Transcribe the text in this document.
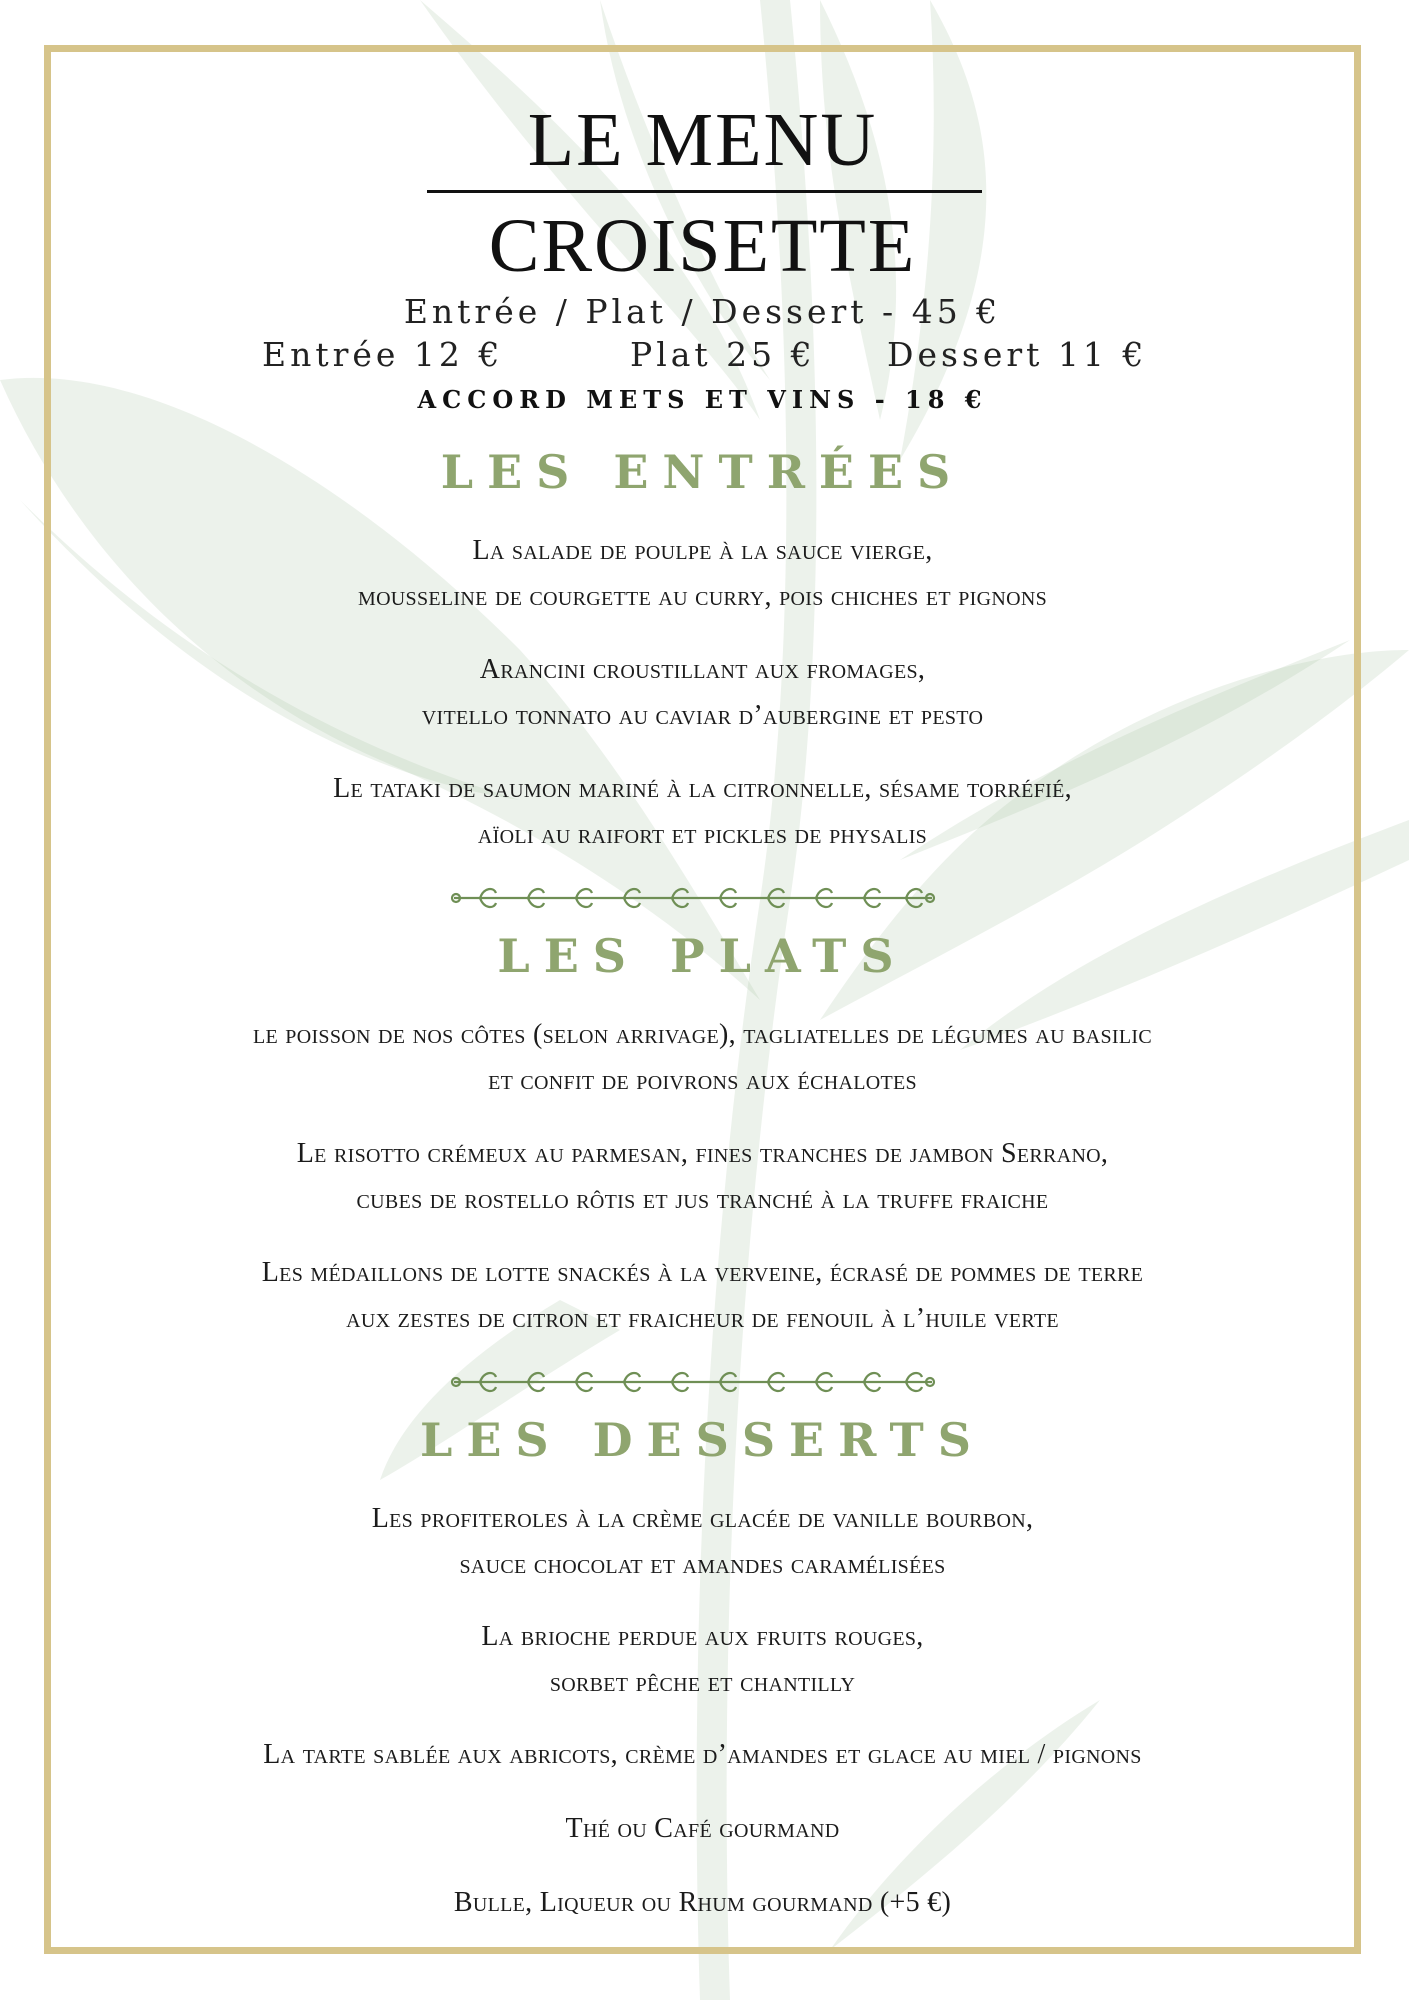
LE MENU
CROISETTE
Entrée / Plat / Dessert - 45 €
Entrée 12 €	Plat 25 € Dessert 11 €
ACCORD METS ET VINS - 18 €
LES ENTRÉES
La salade de poulpe à la sauce vierge,
mousseline de courgette au curry, pois chiches et pignons
Arancini croustillant aux fromages,
vitello tonnato au caviar d’aubergine et pesto
Le tataki de saumon mariné à la citronnelle, sésame torréfié,
aïoli au raifort et pickles de physalis
LES PLATS
le poisson de nos côtes (selon arrivage), tagliatelles de légumes au basilic
et confit de poivrons aux échalotes
Le risotto crémeux au parmesan, fines tranches de jambon Serrano,
cubes de rostello rôtis et jus tranché à la truffe fraiche
Les médaillons de lotte snackés à la verveine, écrasé de pommes de terre
aux zestes de citron et fraicheur de fenouil à l’huile verte
LES DESSERTS
Les profiteroles à la crème glacée de vanille bourbon,
sauce chocolat et amandes caramélisées
La brioche perdue aux fruits rouges,
sorbet pêche et chantilly
La tarte sablée aux abricots, crème d’amandes et glace au miel / pignons
Thé ou Café gourmand
Bulle, Liqueur ou Rhum gourmand (+5 €)
